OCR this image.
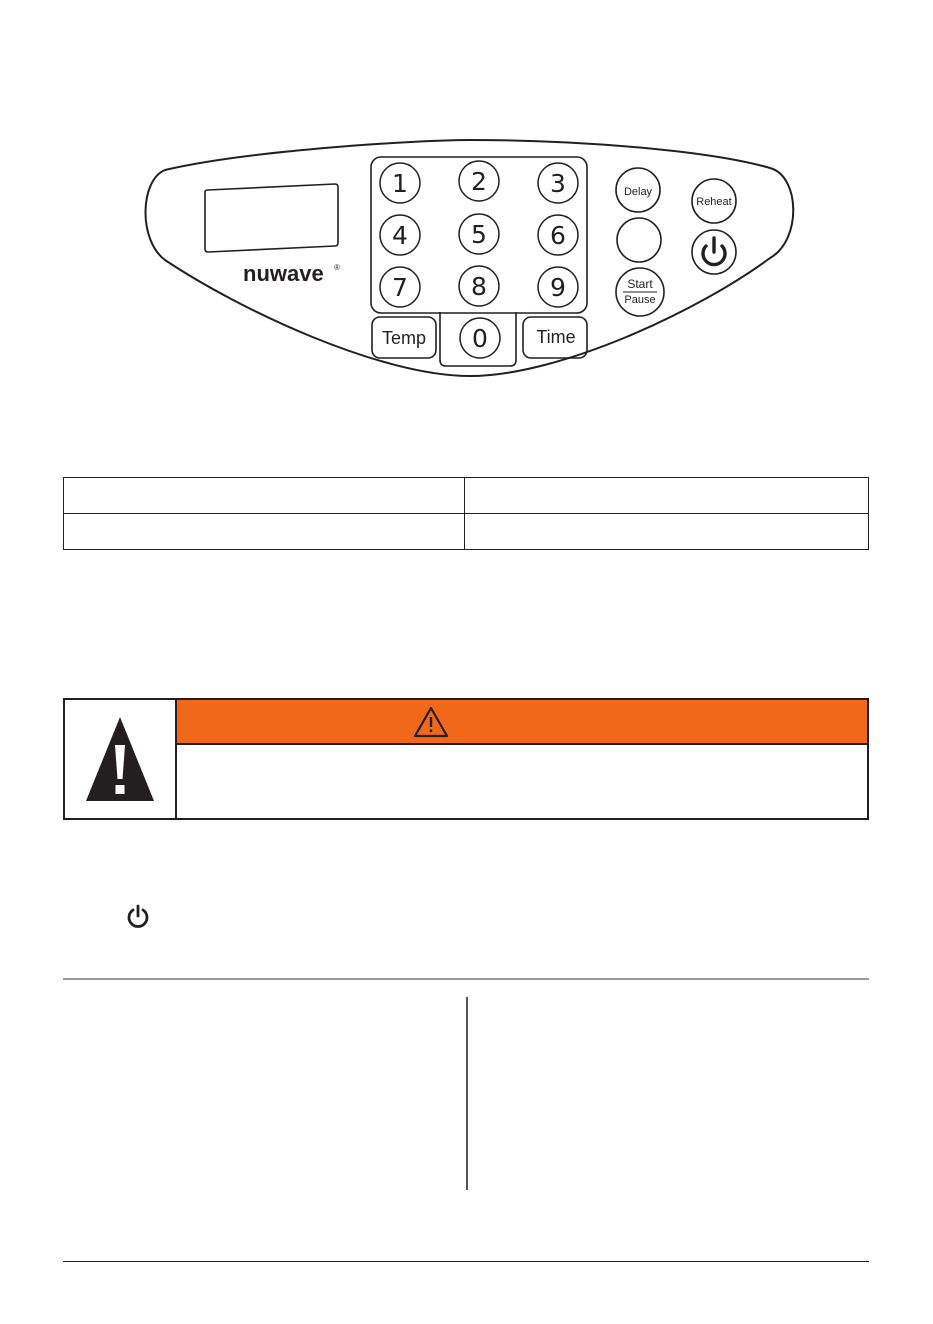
nuwave ®
1	2	3
4	5	6
7	8	9
0
Temp	Time
Delay
Start
Pause
Reheat
